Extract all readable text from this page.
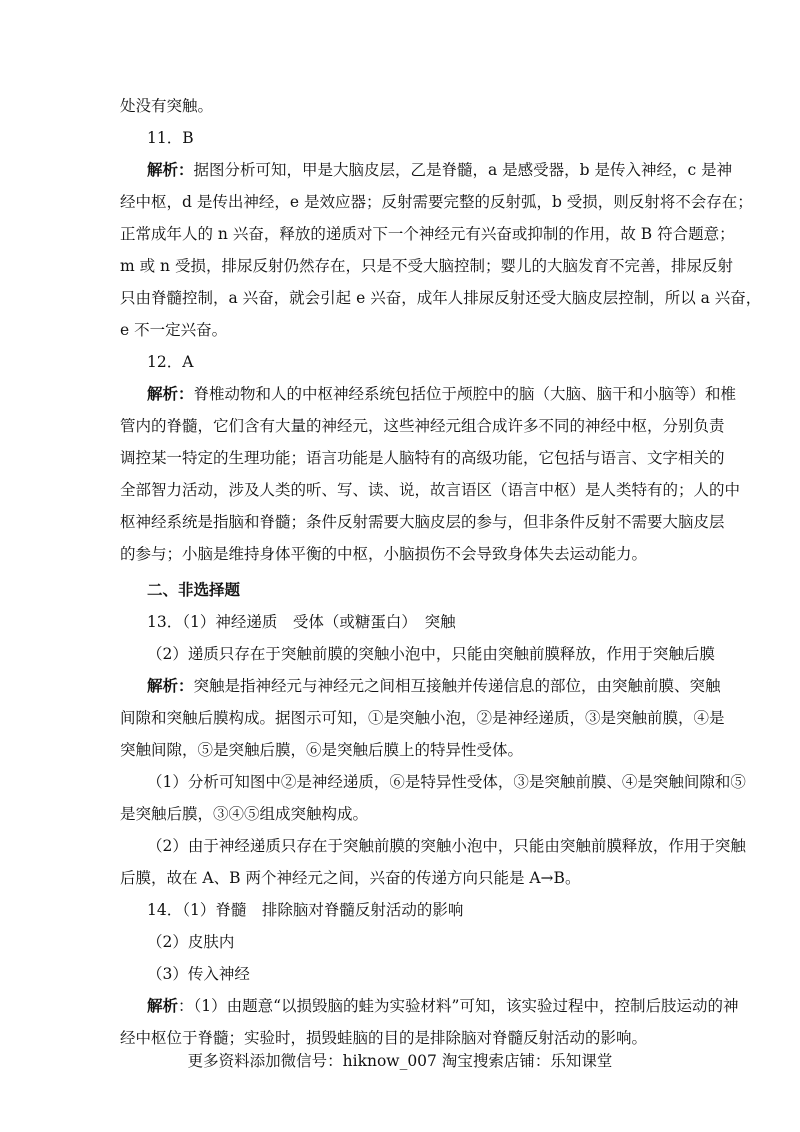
处没有突触。
11．B
解析：据图分析可知，甲是大脑皮层，乙是脊髓，a 是感受器，b 是传入神经，c 是神
经中枢，d 是传出神经，e 是效应器；反射需要完整的反射弧，b 受损，则反射将不会存在；
正常成年人的 n 兴奋，释放的递质对下一个神经元有兴奋或抑制的作用，故 B 符合题意；
m 或 n 受损，排尿反射仍然存在，只是不受大脑控制；婴儿的大脑发育不完善，排尿反射
只由脊髓控制，a 兴奋，就会引起 e 兴奋，成年人排尿反射还受大脑皮层控制，所以 a 兴奋，
e 不一定兴奋。
12．A
解析：脊椎动物和人的中枢神经系统包括位于颅腔中的脑（大脑、脑干和小脑等）和椎
管内的脊髓，它们含有大量的神经元，这些神经元组合成许多不同的神经中枢，分别负责
调控某一特定的生理功能；语言功能是人脑特有的高级功能，它包括与语言、文字相关的
全部智力活动，涉及人类的听、写、读、说，故言语区（语言中枢）是人类特有的；人的中
枢神经系统是指脑和脊髓；条件反射需要大脑皮层的参与，但非条件反射不需要大脑皮层
的参与；小脑是维持身体平衡的中枢，小脑损伤不会导致身体失去运动能力。
二、非选择题
13．（1）神经递质　受体（或糖蛋白）　突触
（2）递质只存在于突触前膜的突触小泡中，只能由突触前膜释放，作用于突触后膜
解析：突触是指神经元与神经元之间相互接触并传递信息的部位，由突触前膜、突触
间隙和突触后膜构成。据图示可知，①是突触小泡，②是神经递质，③是突触前膜，④是
突触间隙，⑤是突触后膜，⑥是突触后膜上的特异性受体。
（1）分析可知图中②是神经递质，⑥是特异性受体，③是突触前膜、④是突触间隙和⑤
是突触后膜，③④⑤组成突触构成。
（2）由于神经递质只存在于突触前膜的突触小泡中，只能由突触前膜释放，作用于突触
后膜，故在 A、B 两个神经元之间，兴奋的传递方向只能是 A→B。
14．（1）脊髓　排除脑对脊髓反射活动的影响
（2）皮肤内
（3）传入神经
解析：（1）由题意“以损毁脑的蛙为实验材料”可知，该实验过程中，控制后肢运动的神
经中枢位于脊髓；实验时，损毁蛙脑的目的是排除脑对脊髓反射活动的影响。
更多资料添加微信号：hiknow_007 淘宝搜索店铺：乐知课堂
